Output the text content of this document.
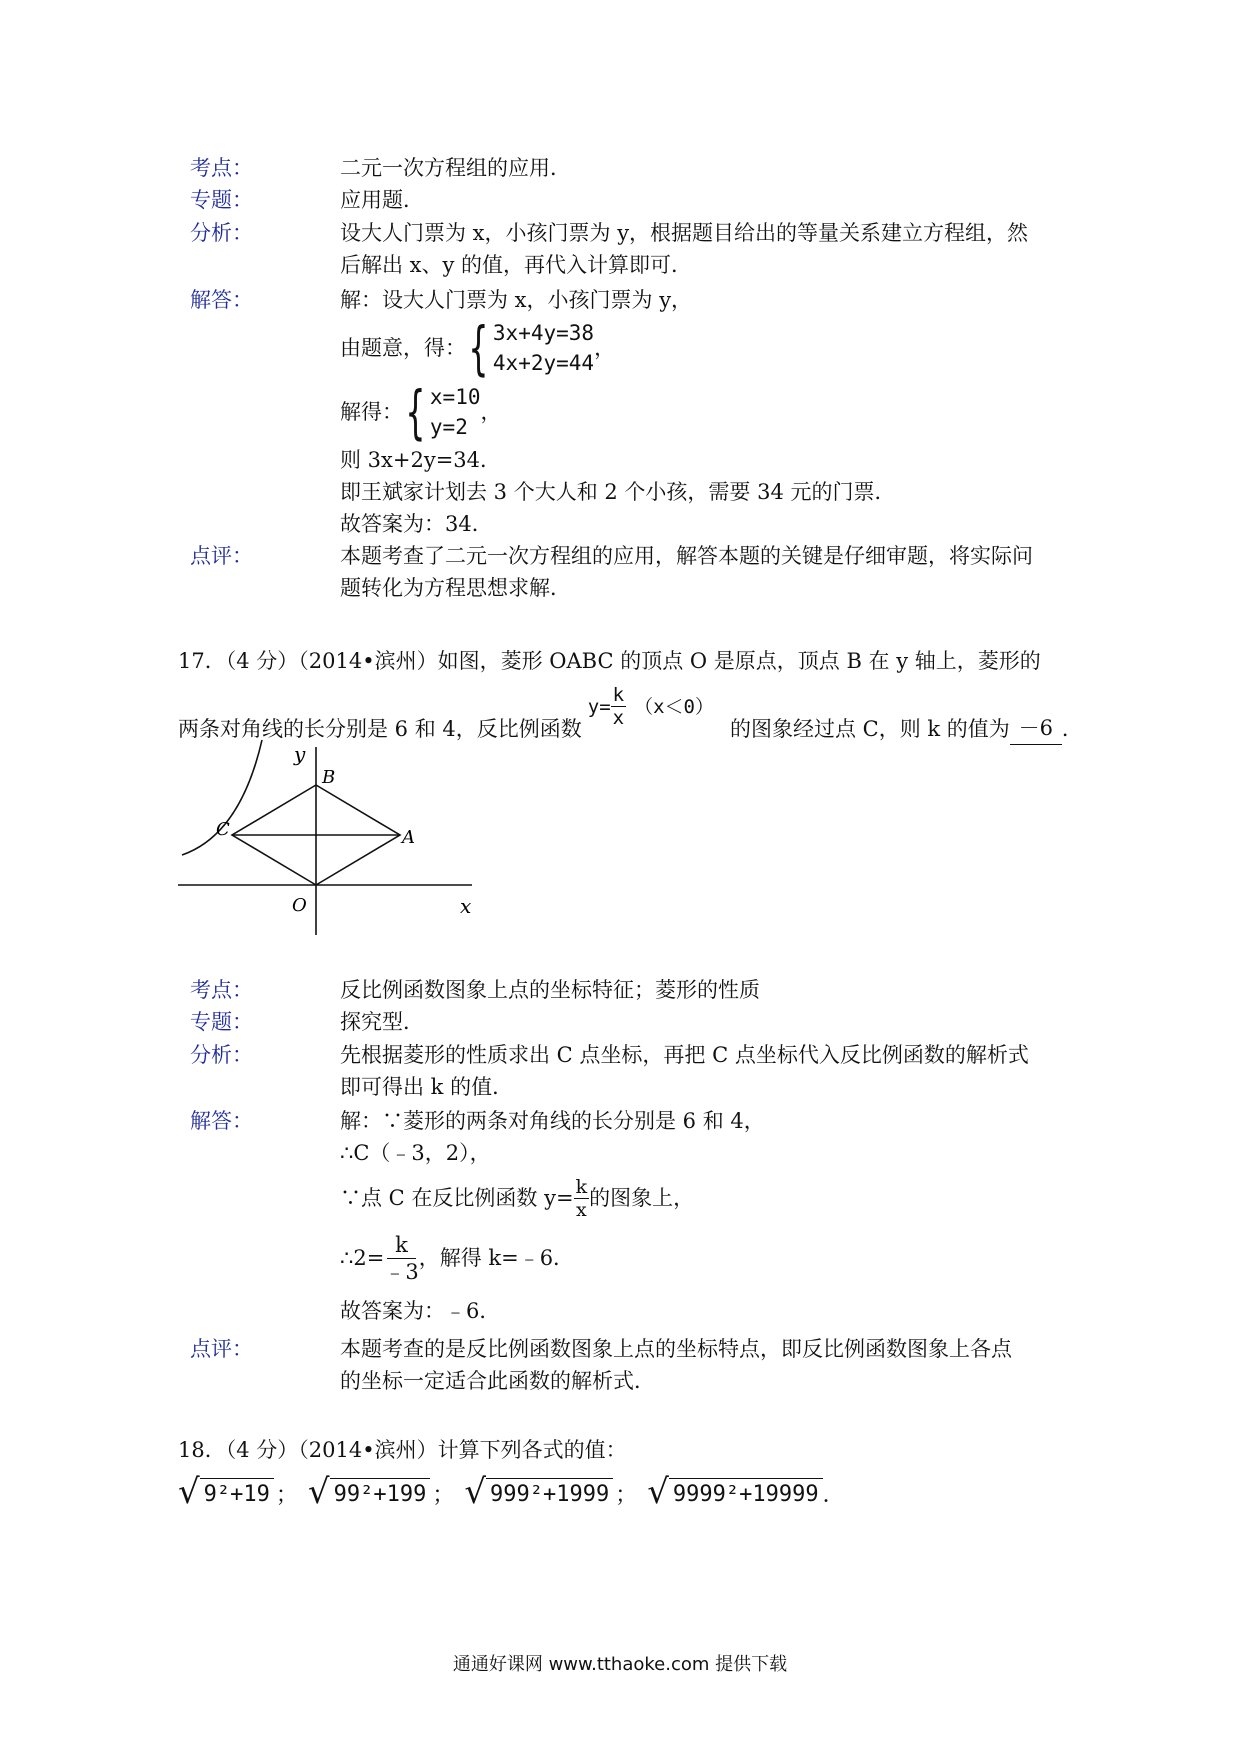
考点：	二元一次方程组的应用．
专题：	应用题．
分析：	设大人门票为 x，小孩门票为 y，根据题目给出的等量关系建立方程组，然
后解出 x、y 的值，再代入计算即可．
解答：	解：设大人门票为 x，小孩门票为 y，
由题意，得： { 3x+4y=38
4x+2y=44
，
解得： { x=10
y=2
，
则 3x+2y=34．
即王斌家计划去 3 个大人和 2 个小孩，需要 34 元的门票．
故答案为：34．
点评：	本题考查了二元一次方程组的应用，解答本题的关键是仔细审题，将实际问
题转化为方程思想求解．
17．（4 分）（2014•滨州）如图，菱形 OABC 的顶点 O 是原点，顶点 B 在 y 轴上，菱形的
两条对角线的长分别是 6 和 4，反比例函数
$y= \frac{k}{x} (x<0)$
的图象经过点 C，则 k 的值为 －6 ．
y
x
B
C	A
O
考点：	反比例函数图象上点的坐标特征；菱形的性质
专题：	探究型．
分析：	先根据菱形的性质求出 C 点坐标，再把 C 点坐标代入反比例函数的解析式
即可得出 k 的值．
解答：	解：∵菱形的两条对角线的长分别是 6 和 4，
∴C（﹣3，2），
∵点 C 在反比例函数 $y= \frac{k}{x}$ 的图象上，
∴2= $\frac{k}{﹣3}$ ，解得 k=﹣6．
故答案为：﹣6．
点评：	本题考查的是反比例函数图象上点的坐标特点，即反比例函数图象上各点
的坐标一定适合此函数的解析式．
18．（4 分）（2014•滨州）计算下列各式的值：
√ 9²+19 ； √ 99²+199 ； √ 999²+1999 ； √ 9999²+19999 ．
通通好课网 www.tthaoke.com 提供下载
